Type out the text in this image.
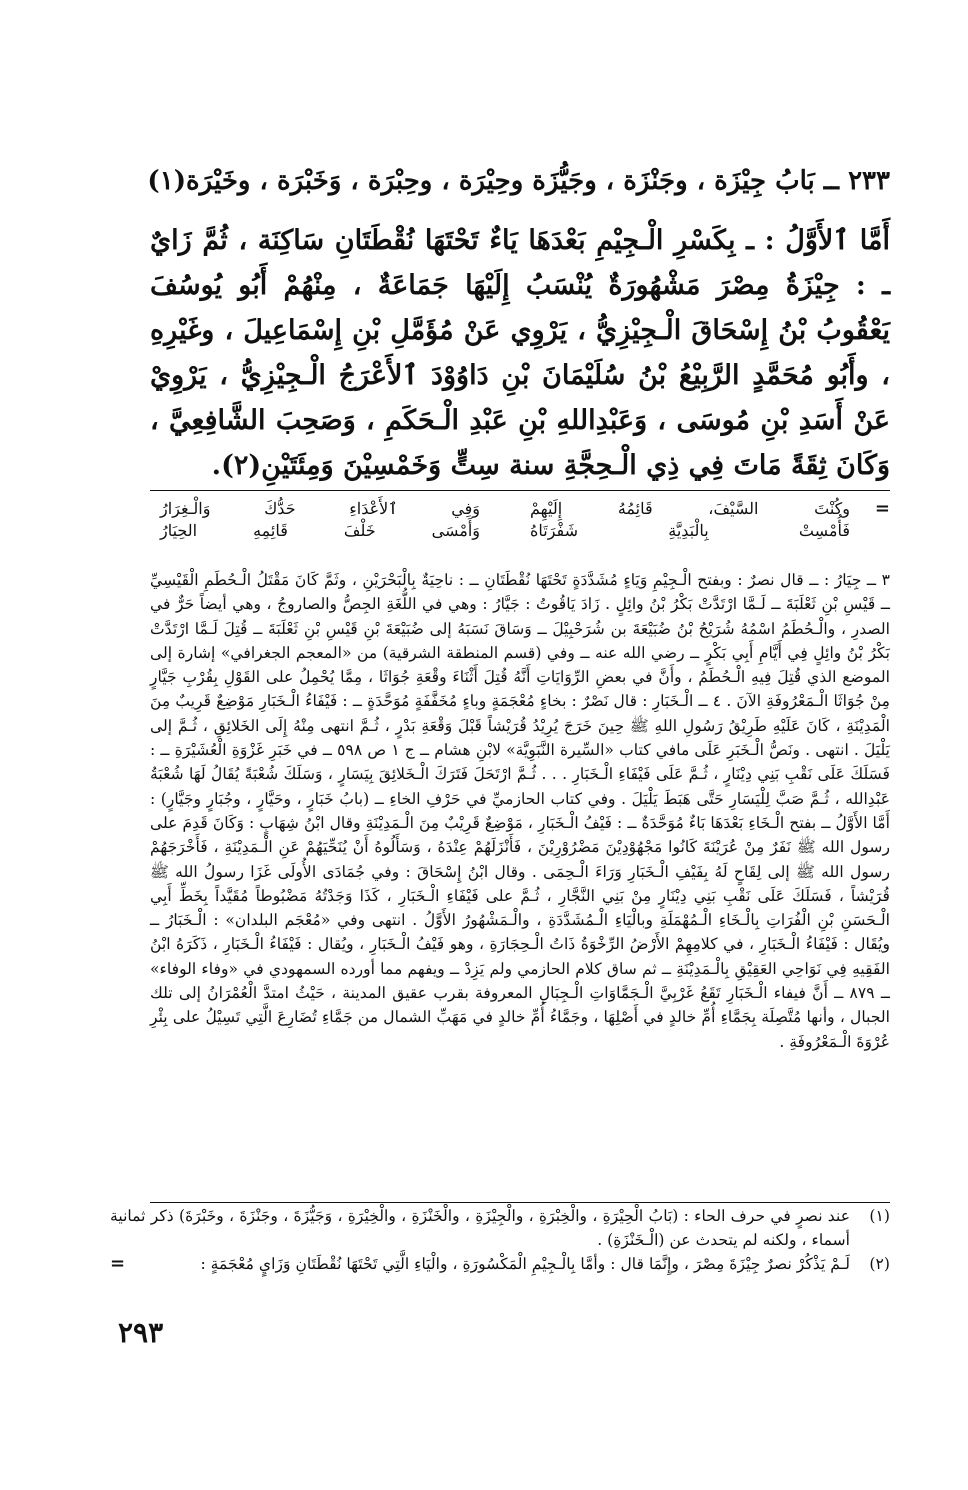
٢٣٣ ــ بَابُ جِيْزَة ، وجَنْزَة ، وجَيُّزَة وحِيْرَة ، وحِبْرَة ، وَخَبْرَة ، وخَيْرَة(١)
أَمَّا ٱلأَوَّلُ : ـ بِكَسْرِ الْـجِيْمِ بَعْدَهَا يَاءٌ تَحْتَهَا نُقْطَتَانِ سَاكِنَة ، ثُمَّ زَايٌ ـ : جِيْزَةُ مِصْرَ مَشْهُورَةٌ يُنْسَبُ إِلَيْهَا جَمَاعَةٌ ، مِنْهُمْ أَبُو يُوسُفَ يَعْقُوبُ بْنُ إِسْحَاقَ الْـجِيْزِيُّ ، يَرْوِي عَنْ مُؤَمَّلِ بْنِ إِسْمَاعِيلَ ، وغَيْرِهِ ، وأَبُو مُحَمَّدٍ الرَّبِيْعُ بْنُ سُلَيْمَانَ بْنِ دَاوُوْدَ ٱلأَعْرَجُ الْـجِيْزِيُّ ، يَرْوِيْ عَنْ أَسَدِ بْنِ مُوسَى ، وَعَبْدِاللهِ بْنِ عَبْدِ الْـحَكَمِ ، وَصَحِبَ الشَّافِعِيَّ ، وَكَانَ ثِقَةً مَاتَ فِي ذِي الْـحِجَّةِ سنة سِتٍّ وَخَمْسِيْنَ وَمِئَتَيْنِ(٢).
=
وكُنْتَ السَّيْفَ، قَائِمُهُ إِلَيْهِمْ
وَفِي ٱلأَعْدَاءِ حَدُّكَ وَالْـغِرَارُ
فَأُمْسِتْ بِالْبَدِيَّةِ شَفْرَتَاهُ
وَأَمْسَى خَلْفَ قَائِمِهِ الحِيَارُ
٣ ــ جِيَارُ : ــ قال نصرٌ : وبفتح الْـجِيْمِ وَيَاءٍ مُشَدَّدَةٍ تَحْتَهَا نُقْطَتَانِ ــ : ناحِيَةٌ بِالْبَحْرَيْنِ ، وثَمَّ كَانَ مَقْتَلُ الْـحُطَمِ الْقَيْسِيِّ ــ قَيْسِ بْنِ ثَعْلَبَةَ ــ لَـمَّا ارْتَدَّتْ بَكْرُ بْنُ وائِلٍ . زَادَ يَاقُوتُ : جَيَّارُ : وهي في اللُّغَةِ الجِصُّ والصاروجُ ، وهي أيضاً حَرٌّ في الصدرِ ، والْـحُطَمُ اسْمُهُ شُرَيْحُ بْنُ ضُبَيْعَةَ بن شُرَحْبِيْلَ ــ وَسَاقَ نَسَبَهُ إلى ضُبَيْعَةَ بْنِ قَيْسِ بْنِ ثَعْلَبَةَ ــ قُتِلَ لَـمَّا ارْتَدَّتْ بَكْرُ بْنُ وائِلٍ فِي أَيَّامِ أَبِي بَكْرٍ ــ رضي الله عنه ــ وفي (قسم المنطقة الشرقية) من «المعجم الجغرافي» إشارة إلى الموضع الذي قُتِلَ فِيهِ الْـحُطَمُ ، وأَنَّ في بعضِ الرِّوَايَاتِ أَنَّهُ قُتِلَ أَثْنَاءَ وقْعَةِ جُوَاثَا ، مِمَّا يُحْمِلُ على القَوْلِ بِقُرْبِ جَيَّارٍ مِنْ جُوَاثَا الْـمَعْرُوفَةِ الآنَ . ٤ ــ الْـخَبَارِ : قال نَصْرٌ : بخاءٍ مُعْجَمَةٍ وباءٍ مُخَفَّفَةٍ مُوَحَّدَةٍ ــ : فَيْفَاءُ الْـخَبَارِ مَوْضِعٌ قَرِيبٌ مِنَ الْمَدِيْنَةِ ، كَانَ عَلَيْهِ طَرِيْقُ رَسُولِ اللهِ ﷺ حِينَ خَرَجَ يُرِيْدُ قُرَيْشاً قَبْلَ وَقْعَةِ بَدْرٍ ، ثُـمَّ انتهى مِنْهُ إِلَى الخَلائِقِ ، ثُـمَّ إلى يَلْيَلَ . انتهى . ونَصُّ الْـخَبَرِ عَلَى مافي كتاب «السِّيرة النَّبَوِيَّة» لابْنِ هشام ــ ج ١ ص ٥٩٨ ــ في خَبَرِ غَزْوَةِ الْعُشَيْرَةِ ــ : فَسَلَكَ عَلَى نَقْبِ بَنِي دِيْنَارٍ ، ثُـمَّ عَلَى فَيْفَاءِ الْـخَبَارِ . . . ثُـمَّ ارْتَحَلَ فَتَرَكَ الْـخَلائِقَ بِيَسَارٍ ، وَسَلَكَ شُعْبَةً يُقَالُ لَهَا شُعْبَةُ عَبْدِالله ، ثُـمَّ صَبَّ لِلْيَسَارِ حَتَّى هَبَطَ يَلْيَلَ . وفي كتاب الحازميِّ في حَرْفِ الخاءِ ــ (بابُ خَبَارٍ ، وحَيَّارٍ ، وجُبَارٍ وجَيَّارٍ) : أَمَّا الأَوَّلُ ــ بفتح الْـخَاءِ بَعْدَهَا بَاءٌ مُوَحَّدَةٌ ــ : فَيْفُ الْـخَبَارِ ، مَوْضِعٌ قَرِيْبٌ مِنَ الْـمَدِيْنَةِ وقال ابْنُ شِهَابٍ : وَكَانَ قَدِمَ على رسول الله ﷺ نَفَرٌ مِنْ عُرَيْنَةَ كَانُوا مَجْهُوْدِيْنَ مَضْرُوْرِيْنَ ، فَأَنْزَلَهُمْ عِنْدَهُ ، وَسَأَلُوهُ أَنْ يُنَحِّيَهُمْ عَنِ الْـمَدِيْنَةِ ، فَأَخْرَجَهُمْ رسول الله ﷺ إلى لِقَاحٍ لَهُ بِفَيْفِ الْـخَبَارِ وَرَاءَ الْـحِمَى . وقال ابْنُ إِسْحَاقَ : وفي جُمَادَى الأُولَى غَزَا رسولُ الله ﷺ قُرَيْشاً ، فَسَلَكَ عَلَى نَقْبِ بَنِي دِيْنَارٍ مِنْ بَنِي النَّجَّارِ ، ثُـمَّ على فَيْفَاءِ الْـخَبَارِ ، كَذَا وَجَدْتُهُ مَضْبُوطاً مُقَيَّداً بِخَطِّ أَبِي الْـحَسَنِ بْنِ الْفُرَاتِ بِالْـخَاءِ الْـمُهْمَلَةِ وبالْيَاءِ الْـمُشَدَّدَةِ ، والْـمَشْهُورُ الأَوَّلُ . انتهى وفي «مُعْجَم البلدان» : الْـخَبَارُ ــ ويُقَال : فَيْفَاءُ الْـخَبَارِ ، في كلامِهِمْ الأَرْضُ الرِّخْوَةُ ذَاتُ الْـحِجَارَةِ ، وهو فَيْفُ الْـخَبَارِ ، ويُقال : فَيْفَاءُ الْـخَبَارِ ، ذَكَرَهُ ابْنُ الفَقِيهِ فِي نَوَاحِي العَقِيْقِ بِالْـمَدِيْنَةِ ــ ثم ساق كلام الحازمي ولم يَزِدْ ــ ويفهم مما أورده السمهودي في «وفاء الوفاء» ــ ٨٧٩ ــ أَنَّ فيفاء الْـخَبَارِ تَقَعُ غَرْبِيَّ الْـجَمَّاوَاتِ الْـجِبَالِ المعروفة بقرب عقيق المدينة ، حَيْثُ امتدَّ الْعُمْرَانُ إلى تلك الجبال ، وأنها مُتَّصِلَة بِجَمَّاءِ أُمِّ خالدٍ في أَصْلِهَا ، وجَمَّاءُ أُمِّ خالدٍ في مَهَبِّ الشمال من جَمَّاءِ تُضَارِعَ الَّتِي تَسِيْلُ على بِئْرِ عُرْوَةَ الْـمَعْرُوفَةِ .
(١)
عند نصرٍ في حرف الحاء : (بَابُ الْحِيْرَةِ ، والْخِبْرَةِ ، والْجِيْزَةِ ، والْخَنْزَةِ ، والْخِيْرَةِ ، وَجَيُّزَةَ ، وجَنْزَةَ ، وخَبْرَةَ) ذكر ثمانية أسماء ، ولكنه لم يتحدث عن (الْـخَنْزَةِ) .
(٢)
لَـمْ يَذْكُرْ نصرٌ جِيْزَةَ مِصْرَ ، وإِنَّمَا قال : وأمَّا بِالْـجِيْمِ الْمَكْسُورَةِ ، والْيَاءِ الَّتِي تَحْتَهَا نُقْطَتَانِ وَزَايٍ مُعْجَمَةٍ :
=
٢٩٣
